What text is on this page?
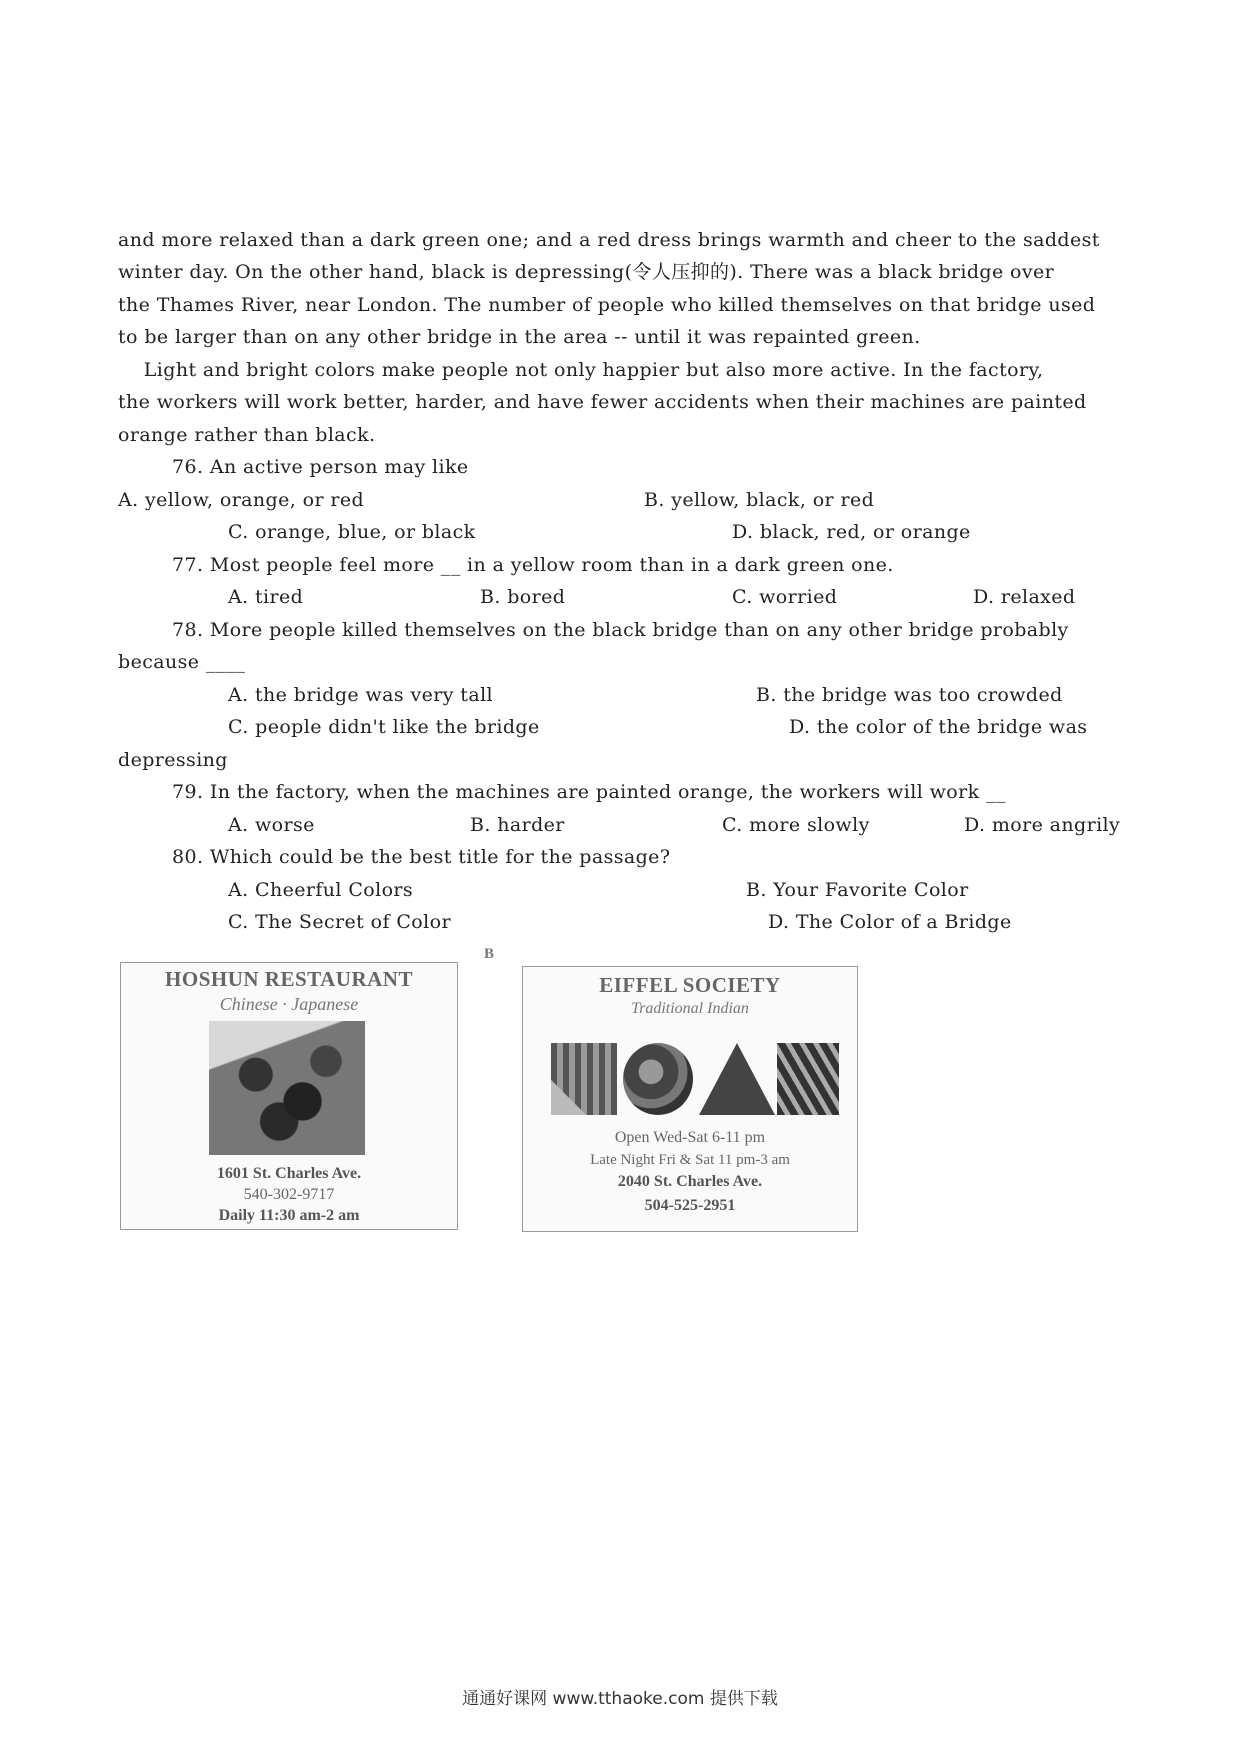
and more relaxed than a dark green one; and a red dress brings warmth and cheer to the saddest
winter day. On the other hand, black is depressing(令人压抑的). There was a black bridge over
the Thames River, near London. The number of people who killed themselves on that bridge used
to be larger than on any other bridge in the area -- until it was repainted green.
Light and bright colors make people not only happier but also more active. In the factory,
the workers will work better, harder, and have fewer accidents when their machines are painted
orange rather than black.
76. An active person may like
A. yellow, orange, or red	B. yellow, black, or red
C. orange, blue, or black	D. black, red, or orange
77. Most people feel more __ in a yellow room than in a dark green one.
A. tired	B. bored	C. worried	D. relaxed
78. More people killed themselves on the black bridge than on any other bridge probably
because ____
A. the bridge was very tall	B. the bridge was too crowded
C. people didn't like the bridge	D. the color of the bridge was
depressing
79. In the factory, when the machines are painted orange, the workers will work __
A. worse	B. harder	C. more slowly	D. more angrily
80. Which could be the best title for the passage?
A. Cheerful Colors	B. Your Favorite Color
C. The Secret of Color	D. The Color of a Bridge
B
HOSHUN RESTAURANT
Chinese · Japanese
1601 St. Charles Ave.
540-302-9717
Daily 11:30 am-2 am
EIFFEL SOCIETY
Traditional Indian
Open Wed-Sat 6-11 pm
Late Night Fri & Sat 11 pm-3 am
2040 St. Charles Ave.
504-525-2951
通通好课网 www.tthaoke.com 提供下载
